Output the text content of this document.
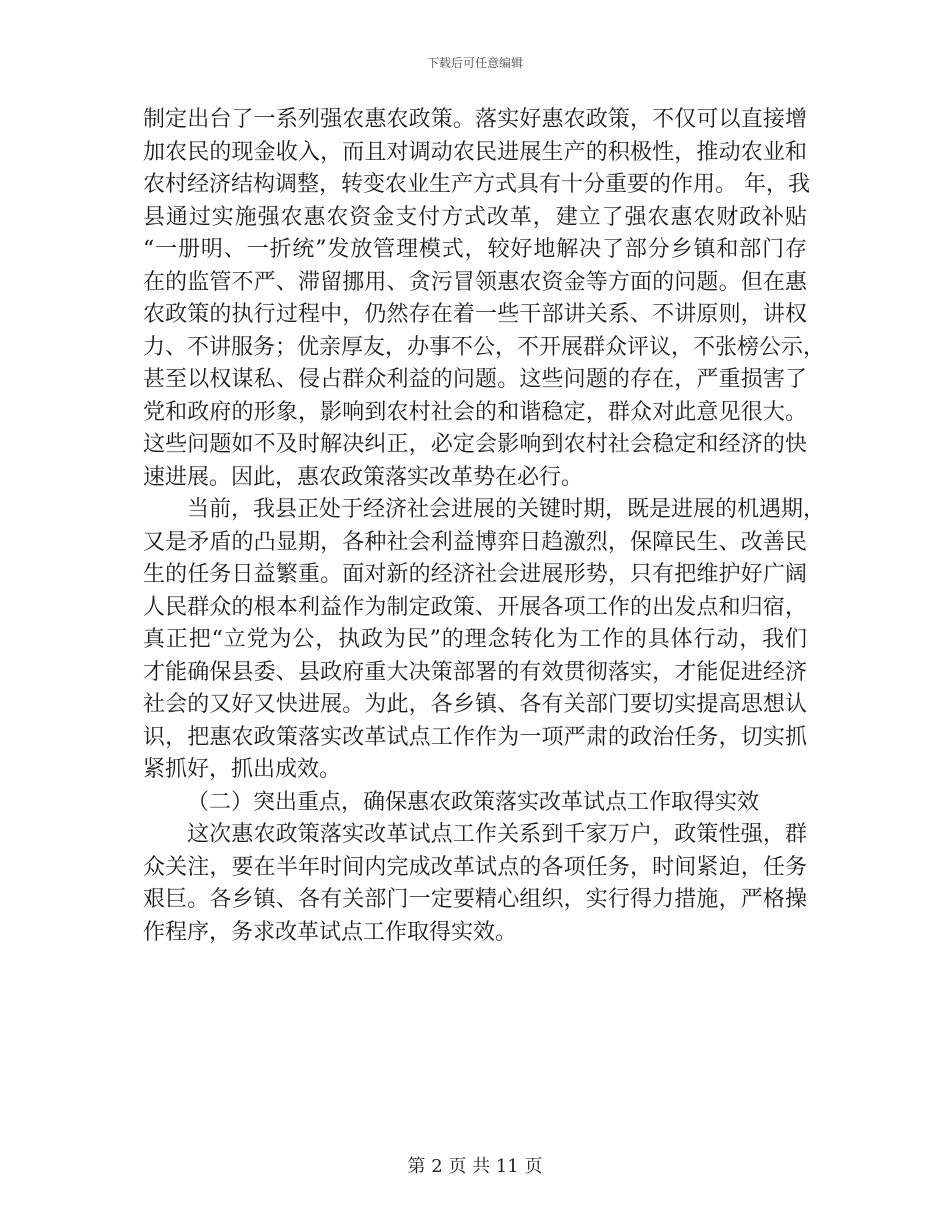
下载后可任意编辑
制定出台了一系列强农惠农政策。落实好惠农政策，不仅可以直接增
加农民的现金收入，而且对调动农民进展生产的积极性，推动农业和
农村经济结构调整，转变农业生产方式具有十分重要的作用。 年，我
县通过实施强农惠农资金支付方式改革，建立了强农惠农财政补贴
“一册明、一折统”发放管理模式，较好地解决了部分乡镇和部门存
在的监管不严、滞留挪用、贪污冒领惠农资金等方面的问题。但在惠
农政策的执行过程中，仍然存在着一些干部讲关系、不讲原则，讲权
力、不讲服务；优亲厚友，办事不公，不开展群众评议，不张榜公示，
甚至以权谋私、侵占群众利益的问题。这些问题的存在，严重损害了
党和政府的形象，影响到农村社会的和谐稳定，群众对此意见很大。
这些问题如不及时解决纠正，必定会影响到农村社会稳定和经济的快
速进展。因此，惠农政策落实改革势在必行。
当前，我县正处于经济社会进展的关键时期，既是进展的机遇期，
又是矛盾的凸显期，各种社会利益博弈日趋激烈，保障民生、改善民
生的任务日益繁重。面对新的经济社会进展形势，只有把维护好广阔
人民群众的根本利益作为制定政策、开展各项工作的出发点和归宿，
真正把“立党为公，执政为民”的理念转化为工作的具体行动，我们
才能确保县委、县政府重大决策部署的有效贯彻落实，才能促进经济
社会的又好又快进展。为此，各乡镇、各有关部门要切实提高思想认
识，把惠农政策落实改革试点工作作为一项严肃的政治任务，切实抓
紧抓好，抓出成效。
（二）突出重点，确保惠农政策落实改革试点工作取得实效
这次惠农政策落实改革试点工作关系到千家万户，政策性强，群
众关注，要在半年时间内完成改革试点的各项任务，时间紧迫，任务
艰巨。各乡镇、各有关部门一定要精心组织，实行得力措施，严格操
作程序，务求改革试点工作取得实效。
第 2 页 共 11 页
